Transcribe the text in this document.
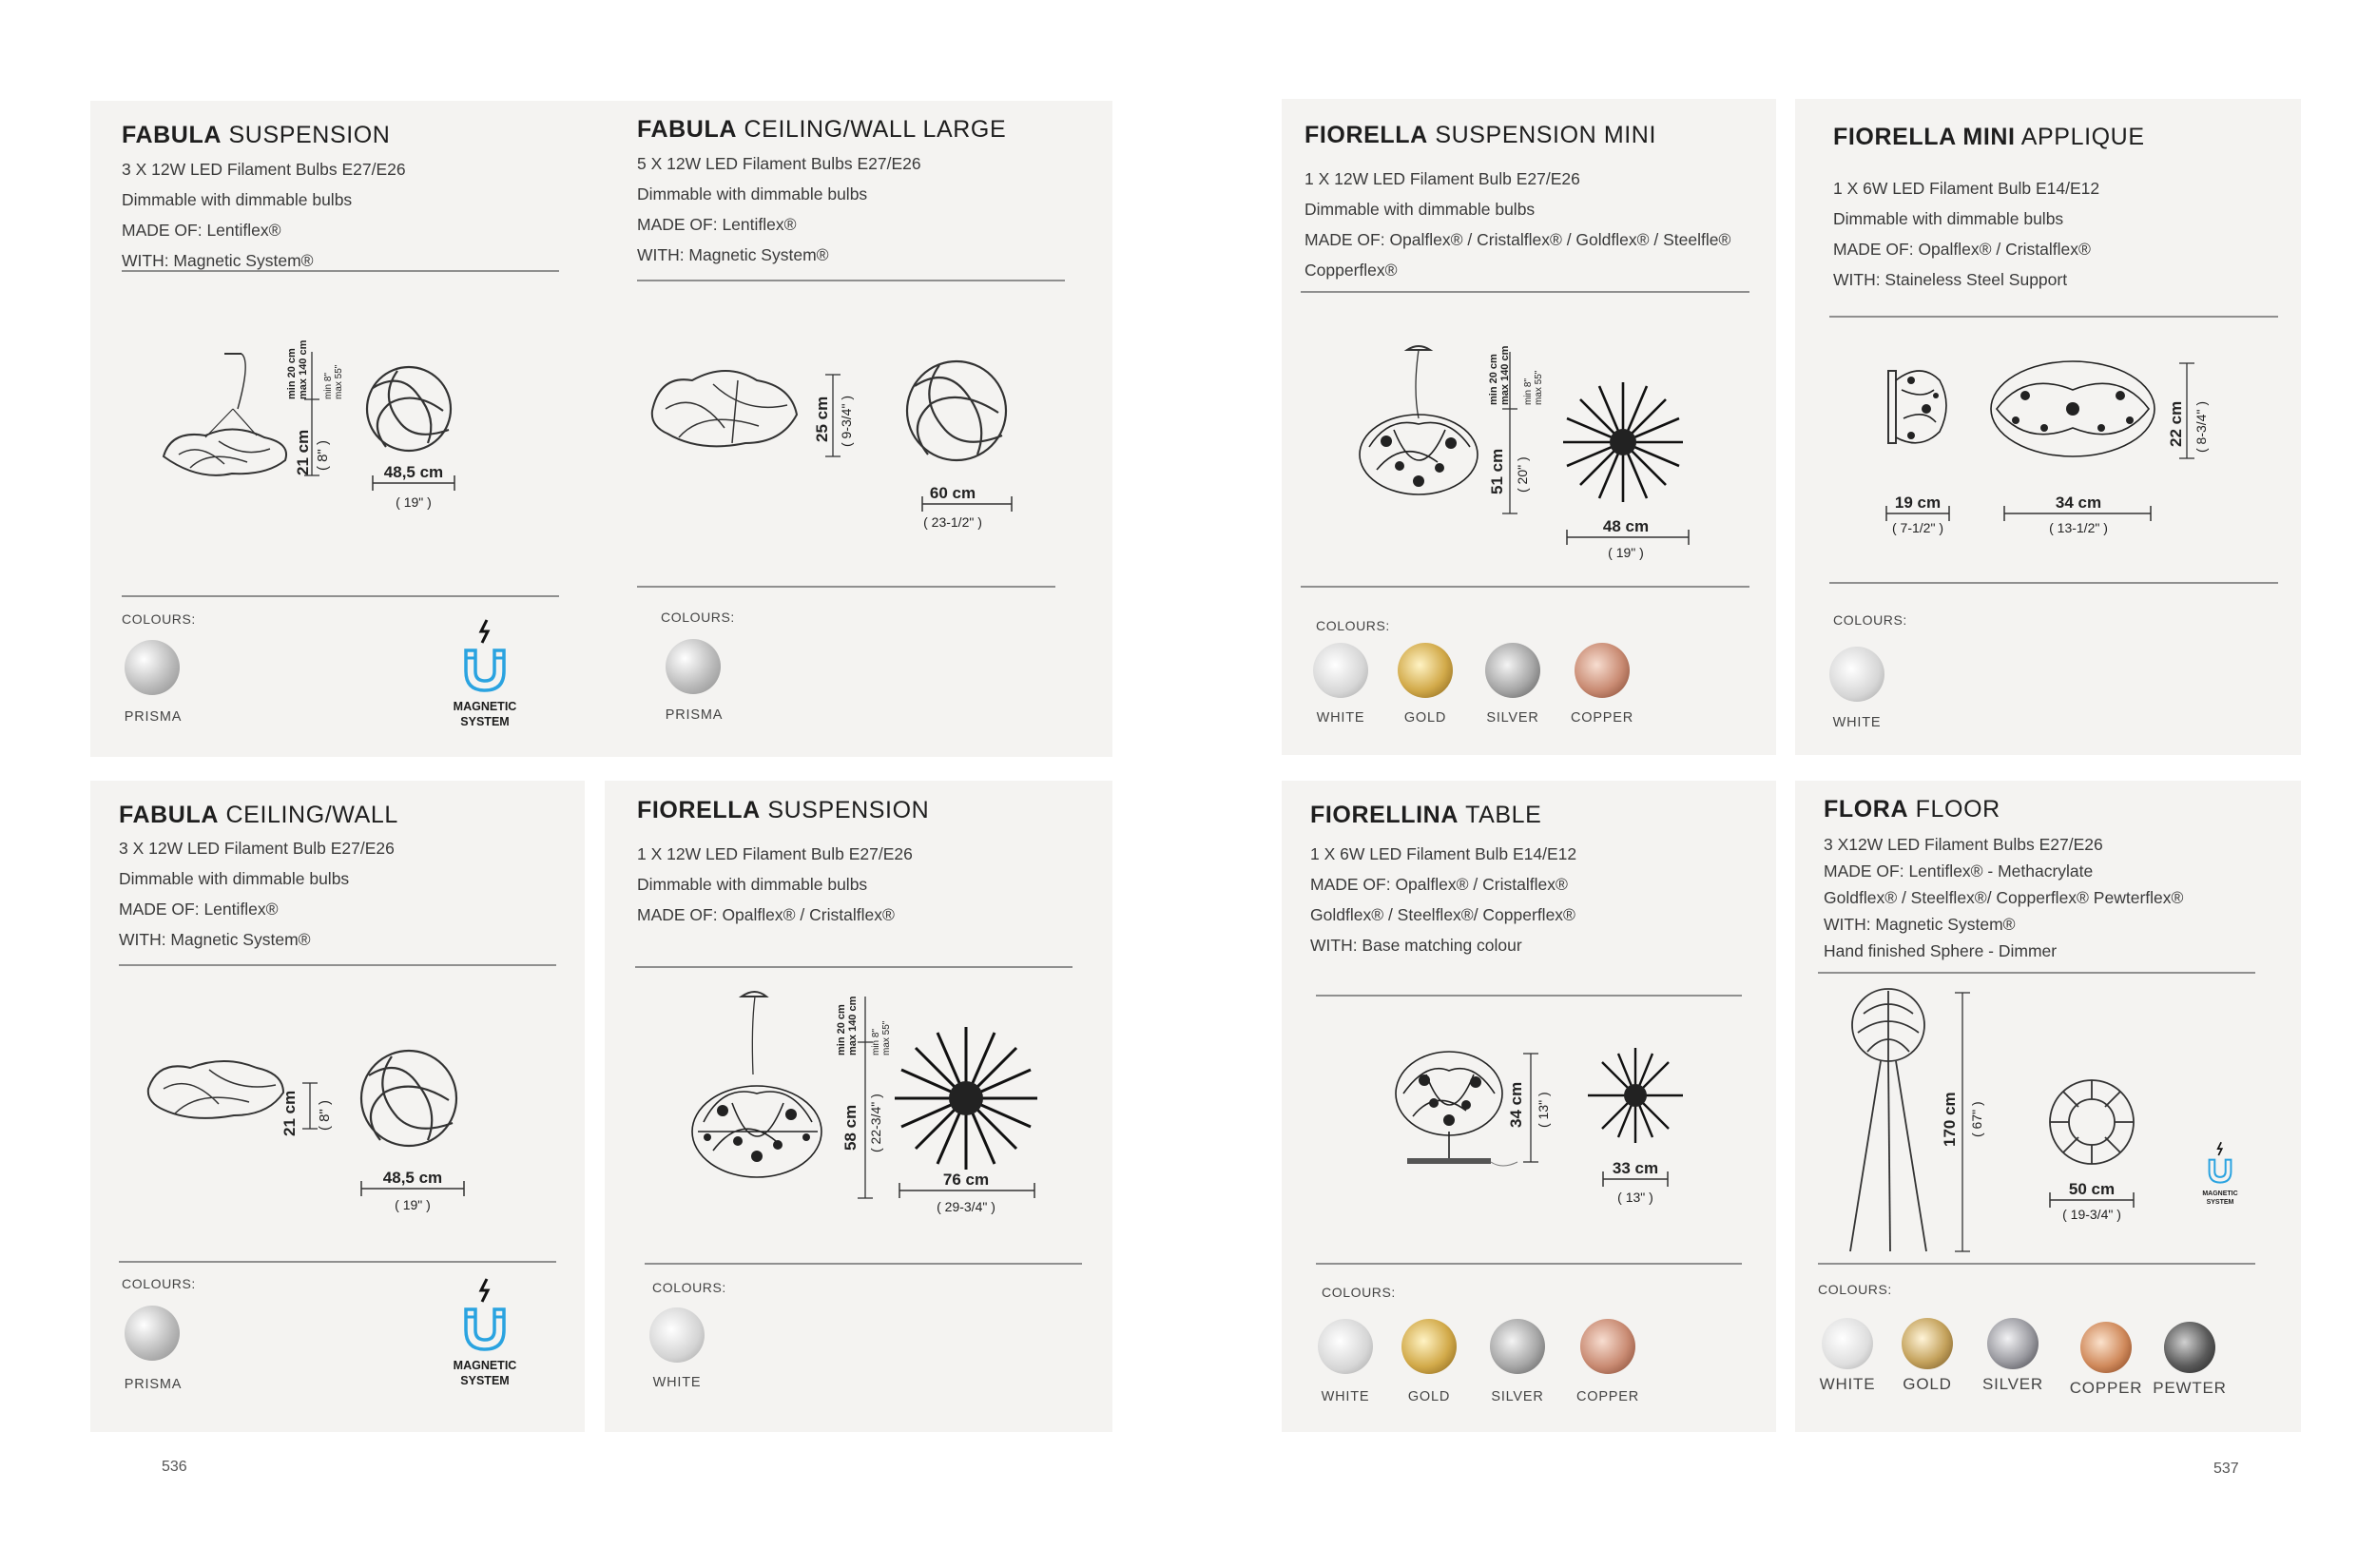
FABULA SUSPENSION
3 X 12W LED Filament Bulbs E27/E26
Dimmable with dimmable bulbs
MADE OF: Lentiflex®
WITH: Magnetic System®
min 20 cmmax 140 cm min 8"max 55"
21 cm ( 8" )
48,5 cm
( 19" )
COLOURS:
PRISMA
MAGNETIC
SYSTEM
FABULA CEILING/WALL LARGE
5 X 12W LED Filament Bulbs E27/E26
Dimmable with dimmable bulbs
MADE OF: Lentiflex®
WITH: Magnetic System®
25 cm ( 9-3/4" )
60 cm
( 23-1/2" )
COLOURS:
PRISMA
FABULA CEILING/WALL
3 X 12W LED Filament Bulb E27/E26
Dimmable with dimmable bulbs
MADE OF: Lentiflex®
WITH: Magnetic System®
21 cm ( 8" )
48,5 cm
( 19" )
COLOURS:
PRISMA
MAGNETIC
SYSTEM
FIORELLA SUSPENSION
1 X 12W LED Filament Bulb E27/E26
Dimmable with dimmable bulbs
MADE OF: Opalflex® / Cristalflex®
min 20 cmmax 140 cm min 8"max 55"
58 cm ( 22-3/4" )
76 cm
( 29-3/4" )
COLOURS:
WHITE
536
FIORELLA SUSPENSION MINI
1 X 12W LED Filament Bulb E27/E26
Dimmable with dimmable bulbs
MADE OF: Opalflex® / Cristalflex® / Goldflex® / Steelfle®
Copperflex®
min 20 cmmax 140 cm min 8"max 55"
51 cm ( 20" )
48 cm
( 19" )
COLOURS:
WHITE	GOLD	SILVER	COPPER
FIORELLA MINI APPLIQUE
1 X 6W LED Filament Bulb E14/E12
Dimmable with dimmable bulbs
MADE OF: Opalflex® / Cristalflex®
WITH: Staineless Steel Support
22 cm ( 8-3/4" )
19 cm
( 7-1/2" )
34 cm
( 13-1/2" )
COLOURS:
WHITE
FIORELLINA TABLE
1 X 6W LED Filament Bulb E14/E12
MADE OF: Opalflex® / Cristalflex®
Goldflex® / Steelflex®/ Copperflex®
WITH: Base matching colour
34 cm ( 13" )
33 cm
( 13" )
COLOURS:
WHITE	GOLD	SILVER	COPPER
FLORA FLOOR
3 X12W LED Filament Bulbs E27/E26
MADE OF: Lentiflex® - Methacrylate
Goldflex® / Steelflex®/ Copperflex® Pewterflex®
WITH: Magnetic System®
Hand finished Sphere - Dimmer
170 cm ( 67" )
50 cm
( 19-3/4" )
MAGNETIC
SYSTEM
COLOURS:
WHITE	GOLD	SILVER	COPPER PEWTER
537
